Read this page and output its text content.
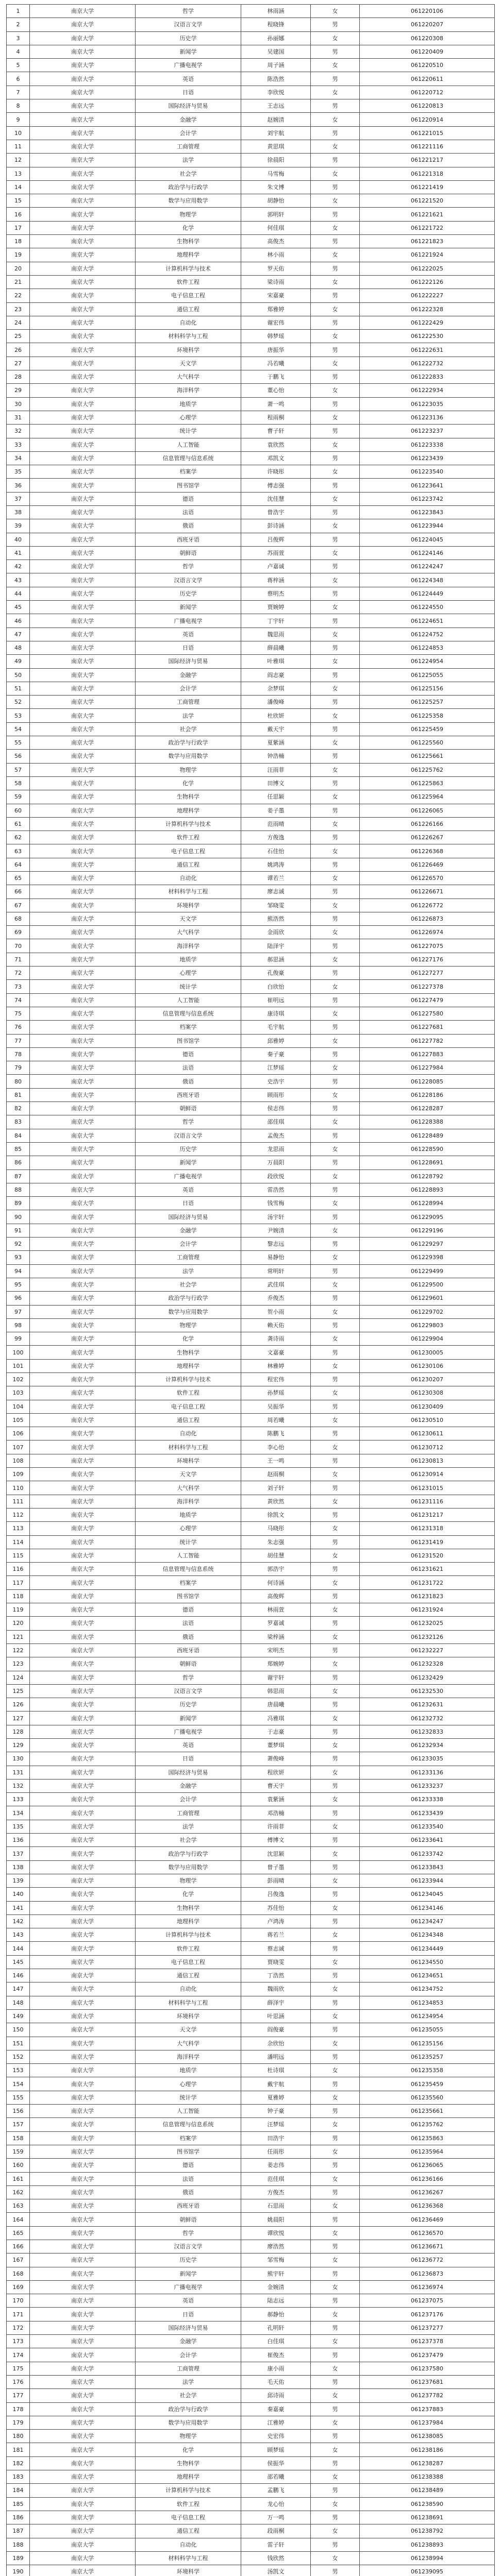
1	南京大学	哲学	林雨涵	女	061220106
2	南京大学	汉语言文学	程晓锋	男	061220207
3	南京大学	历史学	孙丽娜	女	061220308
4	南京大学	新闻学	吴建国	男	061220409
5	南京大学	广播电视学	周子涵	女	061220510
6	南京大学	英语	陈浩然	男	061220611
7	南京大学	日语	李欣悦	女	061220712
8	南京大学	国际经济与贸易	王志远	男	061220813
9	南京大学	金融学	赵婉清	女	061220914
10	南京大学	会计学	刘宇航	男	061221015
11	南京大学	工商管理	黄思琪	女	061221116
12	南京大学	法学	徐晨阳	男	061221217
13	南京大学	社会学	马雪梅	女	061221318
14	南京大学	政治学与行政学	朱文博	男	061221419
15	南京大学	数学与应用数学	胡静怡	女	061221520
16	南京大学	物理学	郭明轩	男	061221621
17	南京大学	化学	何佳琪	女	061221722
18	南京大学	生物科学	高俊杰	男	061221823
19	南京大学	地理科学	林小雨	女	061221924
20	南京大学	计算机科学与技术	罗天佑	男	061222025
21	南京大学	软件工程	梁诗雨	女	061222126
22	南京大学	电子信息工程	宋嘉豪	男	061222227
23	南京大学	通信工程	郑雅婷	女	061222328
24	南京大学	自动化	谢宏伟	男	061222429
25	南京大学	材料科学与工程	韩梦瑶	女	061222530
26	南京大学	环境科学	唐振华	男	061222631
27	南京大学	天文学	冯若曦	女	061222732
28	南京大学	大气科学	于鹏飞	男	061222833
29	南京大学	海洋科学	董心怡	女	061222934
30	南京大学	地质学	萧一鸣	男	061223035
31	南京大学	心理学	程雨桐	女	061223136
32	南京大学	统计学	曹子轩	男	061223237
33	南京大学	人工智能	袁欣然	女	061223338
34	南京大学	信息管理与信息系统	邓凯文	男	061223439
35	南京大学	档案学	许晓彤	女	061223540
36	南京大学	图书馆学	傅志强	男	061223641
37	南京大学	德语	沈佳慧	女	061223742
38	南京大学	法语	曾浩宇	男	061223843
39	南京大学	俄语	彭诗涵	女	061223944
40	南京大学	西班牙语	吕俊辉	男	061224045
41	南京大学	朝鲜语	苏雨萱	女	061224146
42	南京大学	哲学	卢嘉诚	男	061224247
43	南京大学	汉语言文学	蒋梓涵	女	061224348
44	南京大学	历史学	蔡明杰	男	061224449
45	南京大学	新闻学	贾婉婷	女	061224550
46	南京大学	广播电视学	丁宇轩	男	061224651
47	南京大学	英语	魏思雨	女	061224752
48	南京大学	日语	薛晨曦	男	061224853
49	南京大学	国际经济与贸易	叶雅琪	女	061224954
50	南京大学	金融学	阎志豪	男	061225055
51	南京大学	会计学	余梦琪	女	061225156
52	南京大学	工商管理	潘俊峰	男	061225257
53	南京大学	法学	杜欣妍	女	061225358
54	南京大学	社会学	戴天宇	男	061225459
55	南京大学	政治学与行政学	夏紫涵	女	061225560
56	南京大学	数学与应用数学	钟浩楠	男	061225661
57	南京大学	物理学	汪雨菲	女	061225762
58	南京大学	化学	田博文	男	061225863
59	南京大学	生物科学	任思颖	女	061225964
60	南京大学	地理科学	姜子墨	男	061226065
61	南京大学	计算机科学与技术	范雨晴	女	061226166
62	南京大学	软件工程	方俊逸	男	061226267
63	南京大学	电子信息工程	石佳怡	女	061226368
64	南京大学	通信工程	姚鸿涛	男	061226469
65	南京大学	自动化	谭若兰	女	061226570
66	南京大学	材料科学与工程	廖志诚	男	061226671
67	南京大学	环境科学	邹晓雯	女	061226772
68	南京大学	天文学	熊浩然	男	061226873
69	南京大学	大气科学	金雨欣	女	061226974
70	南京大学	海洋科学	陆泽宇	男	061227075
71	南京大学	地质学	郝思涵	女	061227176
72	南京大学	心理学	孔俊豪	男	061227277
73	南京大学	统计学	白欣怡	女	061227378
74	南京大学	人工智能	崔明远	男	061227479
75	南京大学	信息管理与信息系统	康诗琪	女	061227580
76	南京大学	档案学	毛宇航	男	061227681
77	南京大学	图书馆学	邱雅婷	女	061227782
78	南京大学	德语	秦子豪	男	061227883
79	南京大学	法语	江梦瑶	女	061227984
80	南京大学	俄语	史浩宇	男	061228085
81	南京大学	西班牙语	顾雨彤	女	061228186
82	南京大学	朝鲜语	侯志伟	男	061228287
83	南京大学	哲学	邵佳琪	女	061228388
84	南京大学	汉语言文学	孟俊杰	男	061228489
85	南京大学	历史学	龙思雨	女	061228590
86	南京大学	新闻学	万晨阳	男	061228691
87	南京大学	广播电视学	段欣悦	女	061228792
88	南京大学	英语	雷浩然	男	061228893
89	南京大学	日语	钱雪梅	女	061228994
90	南京大学	国际经济与贸易	汤宇轩	男	061229095
91	南京大学	金融学	尹婉清	女	061229196
92	南京大学	会计学	黎志远	男	061229297
93	南京大学	工商管理	易静怡	女	061229398
94	南京大学	法学	常明轩	男	061229499
95	南京大学	社会学	武佳琪	女	061229500
96	南京大学	政治学与行政学	乔俊杰	男	061229601
97	南京大学	数学与应用数学	贺小雨	女	061229702
98	南京大学	物理学	赖天佑	男	061229803
99	南京大学	化学	龚诗雨	女	061229904
100	南京大学	生物科学	文嘉豪	男	061230005
101	南京大学	地理科学	林雅婷	女	061230106
102	南京大学	计算机科学与技术	程宏伟	男	061230207
103	南京大学	软件工程	孙梦瑶	女	061230308
104	南京大学	电子信息工程	吴振华	男	061230409
105	南京大学	通信工程	周若曦	女	061230510
106	南京大学	自动化	陈鹏飞	男	061230611
107	南京大学	材料科学与工程	李心怡	女	061230712
108	南京大学	环境科学	王一鸣	男	061230813
109	南京大学	天文学	赵雨桐	女	061230914
110	南京大学	大气科学	刘子轩	男	061231015
111	南京大学	海洋科学	黄欣然	女	061231116
112	南京大学	地质学	徐凯文	男	061231217
113	南京大学	心理学	马晓彤	女	061231318
114	南京大学	统计学	朱志强	男	061231419
115	南京大学	人工智能	胡佳慧	女	061231520
116	南京大学	信息管理与信息系统	郭浩宇	男	061231621
117	南京大学	档案学	何诗涵	女	061231722
118	南京大学	图书馆学	高俊辉	男	061231823
119	南京大学	德语	林雨萱	女	061231924
120	南京大学	法语	罗嘉诚	男	061232025
121	南京大学	俄语	梁梓涵	女	061232126
122	南京大学	西班牙语	宋明杰	男	061232227
123	南京大学	朝鲜语	郑婉婷	女	061232328
124	南京大学	哲学	谢宇轩	男	061232429
125	南京大学	汉语言文学	韩思雨	女	061232530
126	南京大学	历史学	唐晨曦	男	061232631
127	南京大学	新闻学	冯雅琪	女	061232732
128	南京大学	广播电视学	于志豪	男	061232833
129	南京大学	英语	董梦琪	女	061232934
130	南京大学	日语	萧俊峰	男	061233035
131	南京大学	国际经济与贸易	程欣妍	女	061233136
132	南京大学	金融学	曹天宇	男	061233237
133	南京大学	会计学	袁紫涵	女	061233338
134	南京大学	工商管理	邓浩楠	男	061233439
135	南京大学	法学	许雨菲	女	061233540
136	南京大学	社会学	傅博文	男	061233641
137	南京大学	政治学与行政学	沈思颖	女	061233742
138	南京大学	数学与应用数学	曾子墨	男	061233843
139	南京大学	物理学	彭雨晴	女	061233944
140	南京大学	化学	吕俊逸	男	061234045
141	南京大学	生物科学	苏佳怡	女	061234146
142	南京大学	地理科学	卢鸿涛	男	061234247
143	南京大学	计算机科学与技术	蒋若兰	女	061234348
144	南京大学	软件工程	蔡志诚	男	061234449
145	南京大学	电子信息工程	贾晓雯	女	061234550
146	南京大学	通信工程	丁浩然	男	061234651
147	南京大学	自动化	魏雨欣	女	061234752
148	南京大学	材料科学与工程	薛泽宇	男	061234853
149	南京大学	环境科学	叶思涵	女	061234954
150	南京大学	天文学	阎俊豪	男	061235055
151	南京大学	大气科学	余欣怡	女	061235156
152	南京大学	海洋科学	潘明远	男	061235257
153	南京大学	地质学	杜诗琪	女	061235358
154	南京大学	心理学	戴宇航	男	061235459
155	南京大学	统计学	夏雅婷	女	061235560
156	南京大学	人工智能	钟子豪	男	061235661
157	南京大学	信息管理与信息系统	汪梦瑶	女	061235762
158	南京大学	档案学	田浩宇	男	061235863
159	南京大学	图书馆学	任雨彤	女	061235964
160	南京大学	德语	姜志伟	男	061236065
161	南京大学	法语	范佳琪	女	061236166
162	南京大学	俄语	方俊杰	男	061236267
163	南京大学	西班牙语	石思雨	女	061236368
164	南京大学	朝鲜语	姚晨阳	男	061236469
165	南京大学	哲学	谭欣悦	女	061236570
166	南京大学	汉语言文学	廖浩然	男	061236671
167	南京大学	历史学	邹雪梅	女	061236772
168	南京大学	新闻学	熊宇轩	男	061236873
169	南京大学	广播电视学	金婉清	女	061236974
170	南京大学	英语	陆志远	男	061237075
171	南京大学	日语	郝静怡	女	061237176
172	南京大学	国际经济与贸易	孔明轩	男	061237277
173	南京大学	金融学	白佳琪	女	061237378
174	南京大学	会计学	崔俊杰	男	061237479
175	南京大学	工商管理	康小雨	女	061237580
176	南京大学	法学	毛天佑	男	061237681
177	南京大学	社会学	邱诗雨	女	061237782
178	南京大学	政治学与行政学	秦嘉豪	男	061237883
179	南京大学	数学与应用数学	江雅婷	女	061237984
180	南京大学	物理学	史宏伟	男	061238085
181	南京大学	化学	顾梦瑶	女	061238186
182	南京大学	生物科学	侯振华	男	061238287
183	南京大学	地理科学	邵若曦	女	061238388
184	南京大学	计算机科学与技术	孟鹏飞	男	061238489
185	南京大学	软件工程	龙心怡	女	061238590
186	南京大学	电子信息工程	万一鸣	男	061238691
187	南京大学	通信工程	段雨桐	女	061238792
188	南京大学	自动化	雷子轩	男	061238893
189	南京大学	材料科学与工程	钱欣然	女	061238994
190	南京大学	环境科学	汤凯文	男	061239095
